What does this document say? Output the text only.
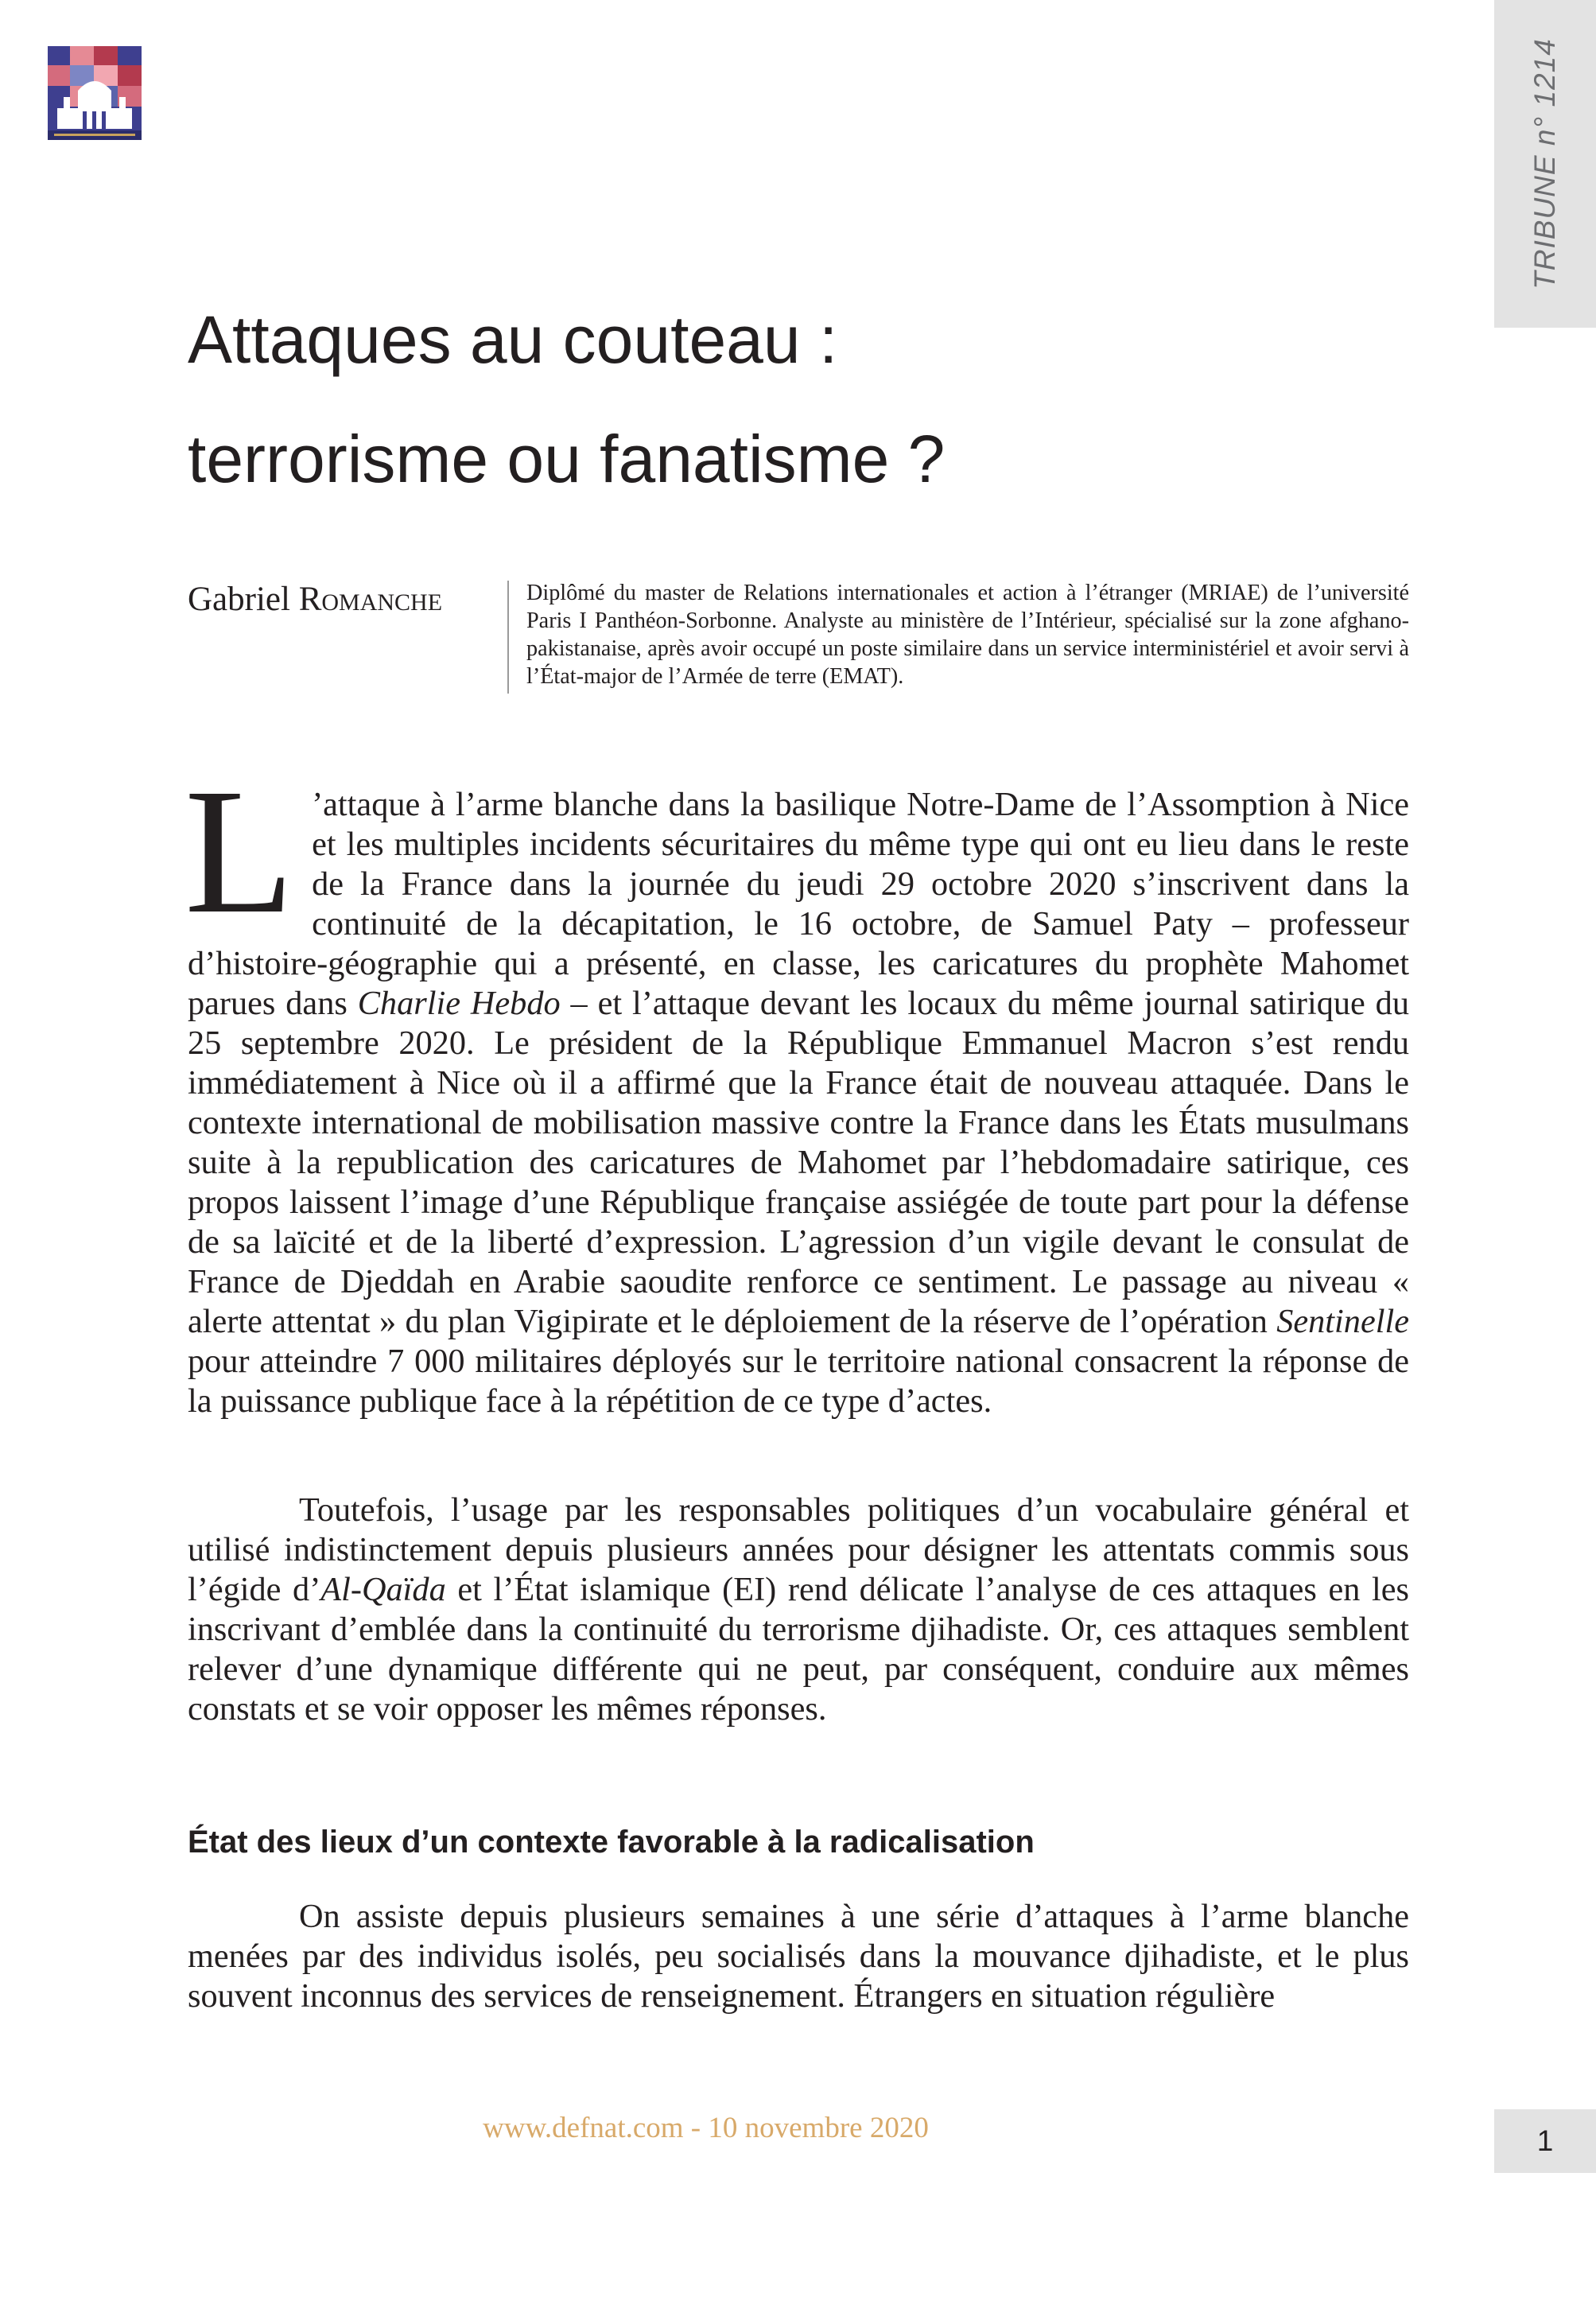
TRIBUNE n° 1214
Attaques au couteau :
terrorisme ou fanatisme ?
Gabriel Romanche	Diplômé du master de Relations internationales et action à l’étranger (MRIAE) de l’université Paris I Panthéon-Sorbonne. Analyste au ministère de l’Intérieur, spécialisé sur la zone afghano-pakistanaise, après avoir occupé un poste similaire dans un service interministériel et avoir servi à l’État-major de l’Armée de terre (EMAT).

L ’attaque à l’arme blanche dans la basilique Notre-Dame de l’Assomption à Nice et les multiples incidents sécuritaires du même type qui ont eu lieu dans le reste de la France dans la journée du jeudi 29 octobre 2020 s’inscrivent dans la continuité de la décapitation, le 16 octobre, de Samuel Paty – professeur d’histoire-géographie qui a présenté, en classe, les caricatures du prophète Mahomet parues dans Charlie Hebdo – et l’attaque devant les locaux du même journal satirique du 25 septembre 2020. Le président de la République Emmanuel Macron s’est rendu immédiatement à Nice où il a affirmé que la France était de nouveau attaquée. Dans le contexte international de mobilisation massive contre la France dans les États musulmans suite à la republication des caricatures de Mahomet par l’hebdomadaire satirique, ces propos laissent l’image d’une République française assiégée de toute part pour la défense de sa laïcité et de la liberté d’expression. L’agression d’un vigile devant le consulat de France de Djeddah en Arabie saoudite renforce ce sentiment. Le passage au niveau « alerte attentat » du plan Vigipirate et le déploiement de la réserve de l’opération Sentinelle pour atteindre 7 000 militaires déployés sur le territoire national consacrent la réponse de la puissance publique face à la répétition de ce type d’actes.

Toutefois, l’usage par les responsables politiques d’un vocabulaire général et utilisé indistinctement depuis plusieurs années pour désigner les attentats commis sous l’égide d’Al-Qaïda et l’État islamique (EI) rend délicate l’analyse de ces attaques en les inscrivant d’emblée dans la continuité du terrorisme djihadiste. Or, ces attaques semblent relever d’une dynamique différente qui ne peut, par conséquent, conduire aux mêmes constats et se voir opposer les mêmes réponses.

État des lieux d’un contexte favorable à la radicalisation

On assiste depuis plusieurs semaines à une série d’attaques à l’arme blanche menées par des individus isolés, peu socialisés dans la mouvance djihadiste, et le plus souvent inconnus des services de renseignement. Étrangers en situation régulière

www.defnat.com - 10 novembre 2020	1
